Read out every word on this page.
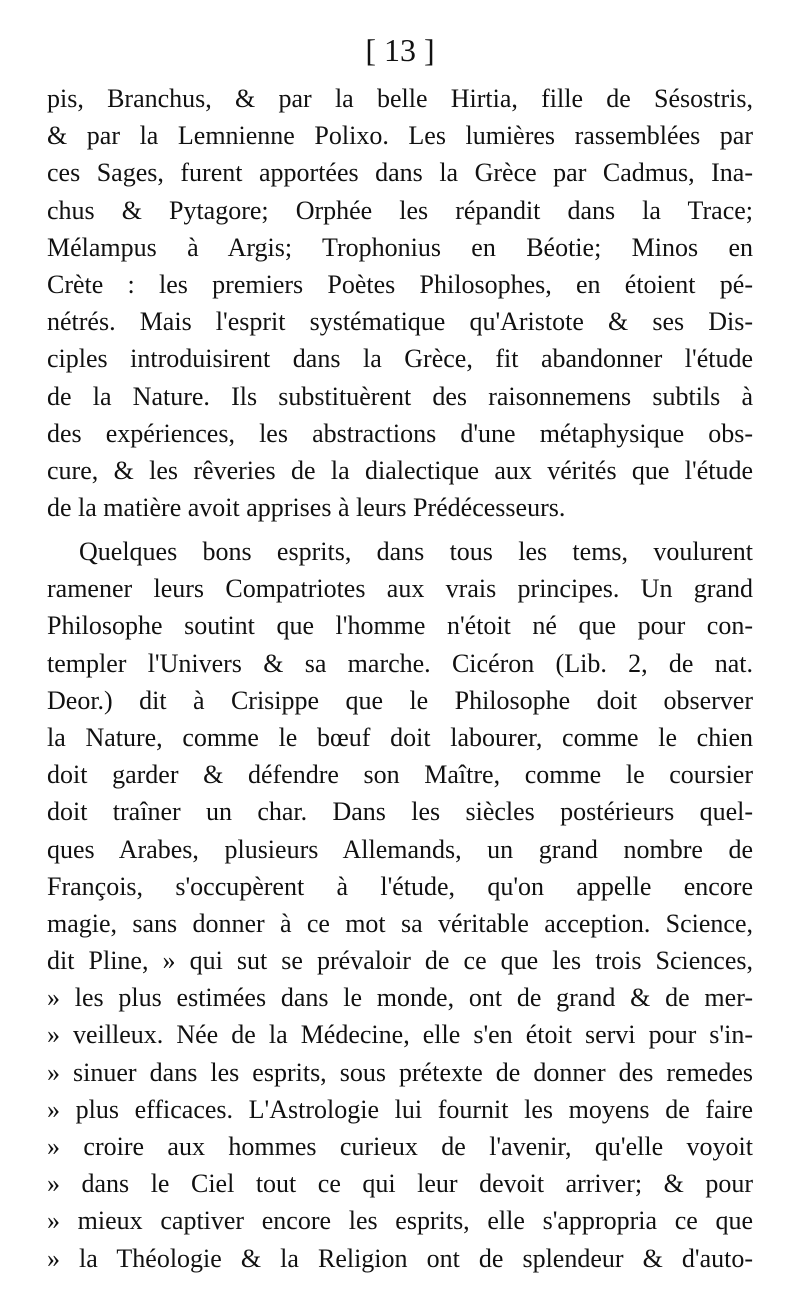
[ 13 ]
pis, Branchus, & par la belle Hirtia, fille de Sésostris,
& par la Lemnienne Polixo. Les lumières rassemblées par
ces Sages, furent apportées dans la Grèce par Cadmus, Ina-
chus & Pytagore; Orphée les répandit dans la Trace;
Mélampus à Argis; Trophonius en Béotie; Minos en
Crète : les premiers Poètes Philosophes, en étoient pé-
nétrés. Mais l'esprit systématique qu'Aristote & ses Dis-
ciples introduisirent dans la Grèce, fit abandonner l'étude
de la Nature. Ils substituèrent des raisonnemens subtils à
des expériences, les abstractions d'une métaphysique obs-
cure, & les rêveries de la dialectique aux vérités que l'étude
de la matière avoit apprises à leurs Prédécesseurs.
Quelques bons esprits, dans tous les tems, voulurent
ramener leurs Compatriotes aux vrais principes. Un grand
Philosophe soutint que l'homme n'étoit né que pour con-
templer l'Univers & sa marche. Cicéron (Lib. 2, de nat.
Deor.) dit à Crisippe que le Philosophe doit observer
la Nature, comme le bœuf doit labourer, comme le chien
doit garder & défendre son Maître, comme le coursier
doit traîner un char. Dans les siècles postérieurs quel-
ques Arabes, plusieurs Allemands, un grand nombre de
François, s'occupèrent à l'étude, qu'on appelle encore
magie, sans donner à ce mot sa véritable acception. Science,
dit Pline, » qui sut se prévaloir de ce que les trois Sciences,
» les plus estimées dans le monde, ont de grand & de mer-
» veilleux. Née de la Médecine, elle s'en étoit servi pour s'in-
» sinuer dans les esprits, sous prétexte de donner des remedes
» plus efficaces. L'Astrologie lui fournit les moyens de faire
» croire aux hommes curieux de l'avenir, qu'elle voyoit
» dans le Ciel tout ce qui leur devoit arriver; & pour
» mieux captiver encore les esprits, elle s'appropria ce que
» la Théologie & la Religion ont de splendeur & d'auto-
